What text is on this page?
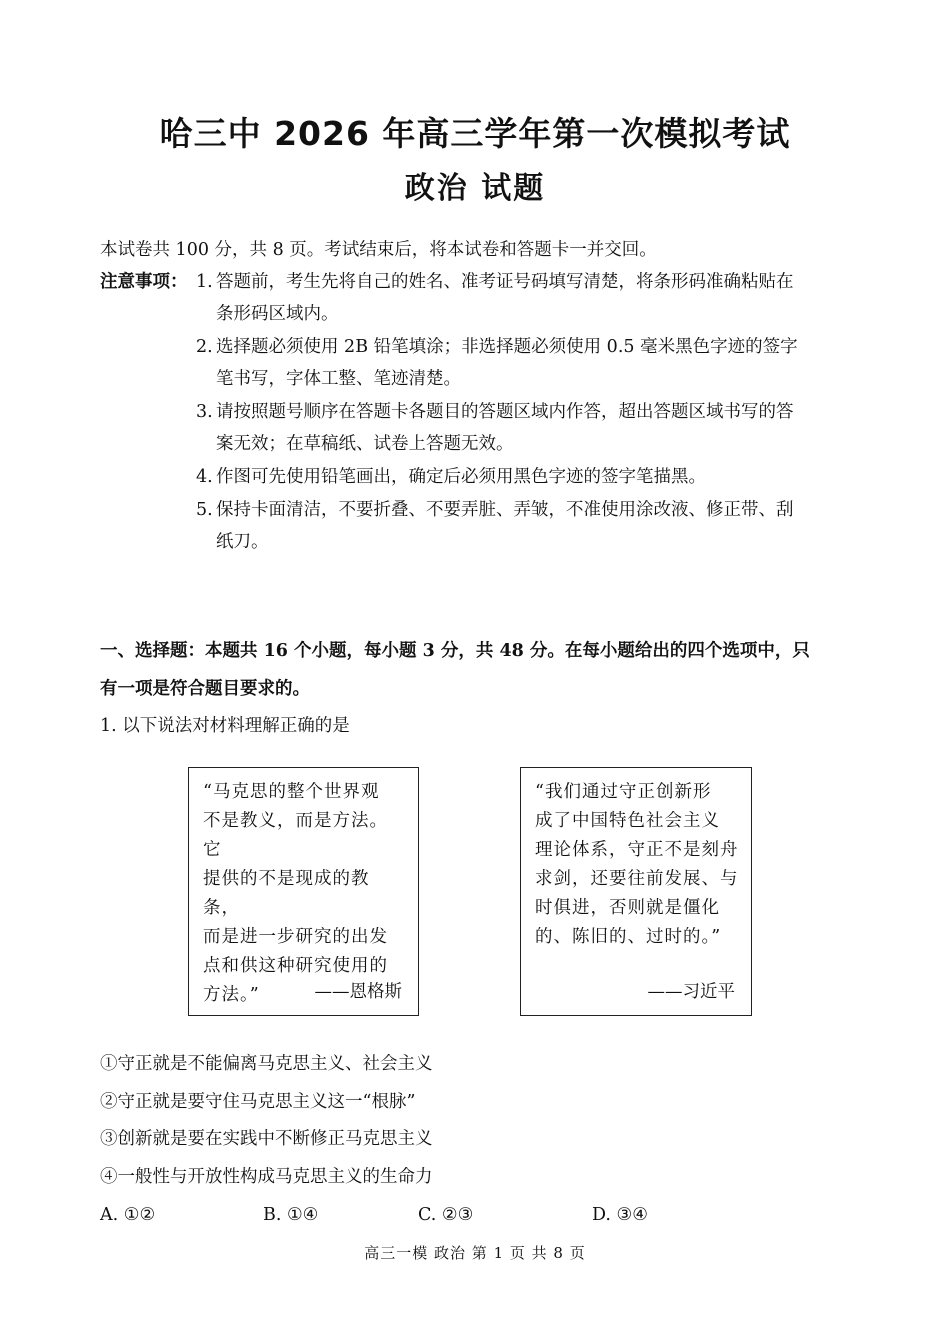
哈三中 2026 年高三学年第一次模拟考试
政治 试题
本试卷共 100 分，共 8 页。考试结束后，将本试卷和答题卡一并交回。
注意事项： 1. 答题前，考生先将自己的姓名、准考证号码填写清楚，将条形码准确粘贴在
条形码区域内。
2. 选择题必须使用 2B 铅笔填涂；非选择题必须使用 0.5 毫米黑色字迹的签字
笔书写，字体工整、笔迹清楚。
3. 请按照题号顺序在答题卡各题目的答题区域内作答，超出答题区域书写的答
案无效；在草稿纸、试卷上答题无效。
4. 作图可先使用铅笔画出，确定后必须用黑色字迹的签字笔描黑。
5. 保持卡面清洁，不要折叠、不要弄脏、弄皱，不准使用涂改液、修正带、刮
纸刀。
一、选择题：本题共 16 个小题，每小题 3 分，共 48 分。在每小题给出的四个选项中，只
有一项是符合题目要求的。
1. 以下说法对材料理解正确的是
“马克思的整个世界观
不是教义，而是方法。它
提供的不是现成的教条，
而是进一步研究的出发
点和供这种研究使用的
方法。”	——恩格斯
“我们通过守正创新形
成了中国特色社会主义
理论体系，守正不是刻舟
求剑，还要往前发展、与
时俱进，否则就是僵化
的、陈旧的、过时的。”
——习近平
①守正就是不能偏离马克思主义、社会主义
②守正就是要守住马克思主义这一“根脉”
③创新就是要在实践中不断修正马克思主义
④一般性与开放性构成马克思主义的生命力
A. ①②	B. ①④	C. ②③	D. ③④
高三一模 政治 第 1 页 共 8 页
